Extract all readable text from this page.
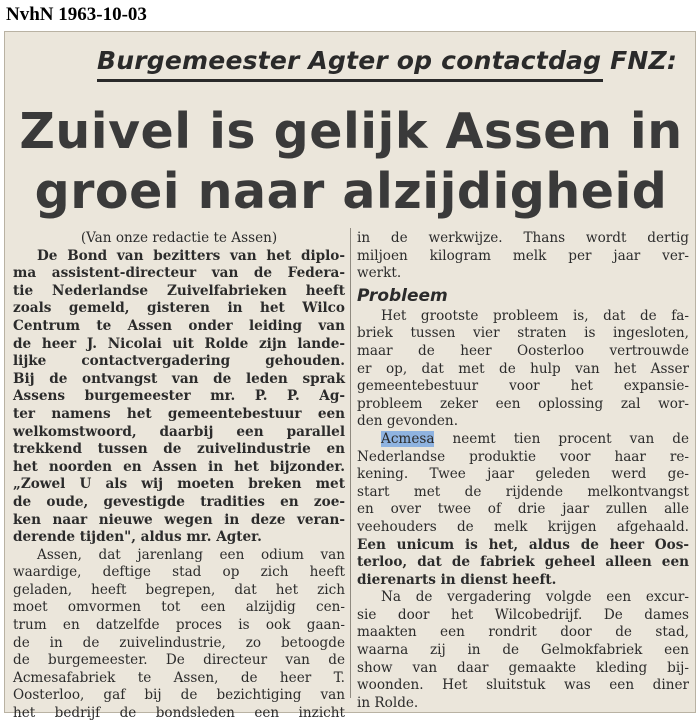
NvhN 1963-10-03
Burgemeester Agter op contactdag FNZ:
Zuivel is gelijk Assen in
groei naar alzijdigheid
(Van onze redactie te Assen)
De Bond van bezitters van het diplo-
ma assistent-directeur van de Federa-
tie Nederlandse Zuivelfabrieken heeft
zoals gemeld, gisteren in het Wilco
Centrum te Assen onder leiding van
de heer J. Nicolai uit Rolde zijn lande-
lijke contactvergadering gehouden.
Bij de ontvangst van de leden sprak
Assens burgemeester mr. P. P. Ag-
ter namens het gemeentebestuur een
welkomstwoord, daarbij een parallel
trekkend tussen de zuivelindustrie en
het noorden en Assen in het bijzonder.
„Zowel U als wij moeten breken met
de oude, gevestigde tradities en zoe-
ken naar nieuwe wegen in deze veran-
derende tijden", aldus mr. Agter.
Assen, dat jarenlang een odium van
waardige, deftige stad op zich heeft
geladen, heeft begrepen, dat het zich
moet omvormen tot een alzijdig cen-
trum en datzelfde proces is ook gaan-
de in de zuivelindustrie, zo betoogde
de burgemeester. De directeur van de
Acmesafabriek te Assen, de heer T.
Oosterloo, gaf bij de bezichtiging van
het bedrijf de bondsleden een inzicht
in de werkwijze. Thans wordt dertig
miljoen kilogram melk per jaar ver-
werkt.
Probleem
Het grootste probleem is, dat de fa-
briek tussen vier straten is ingesloten,
maar de heer Oosterloo vertrouwde
er op, dat met de hulp van het Asser
gemeentebestuur voor het expansie-
probleem zeker een oplossing zal wor-
den gevonden.
Acmesa neemt tien procent van de
Nederlandse produktie voor haar re-
kening. Twee jaar geleden werd ge-
start met de rijdende melkontvangst
en over twee of drie jaar zullen alle
veehouders de melk krijgen afgehaald.
Een unicum is het, aldus de heer Oos-
terloo, dat de fabriek geheel alleen een
dierenarts in dienst heeft.
Na de vergadering volgde een excur-
sie door het Wilcobedrijf. De dames
maakten een rondrit door de stad,
waarna zij in de Gelmokfabriek een
show van daar gemaakte kleding bij-
woonden. Het sluitstuk was een diner
in Rolde.
